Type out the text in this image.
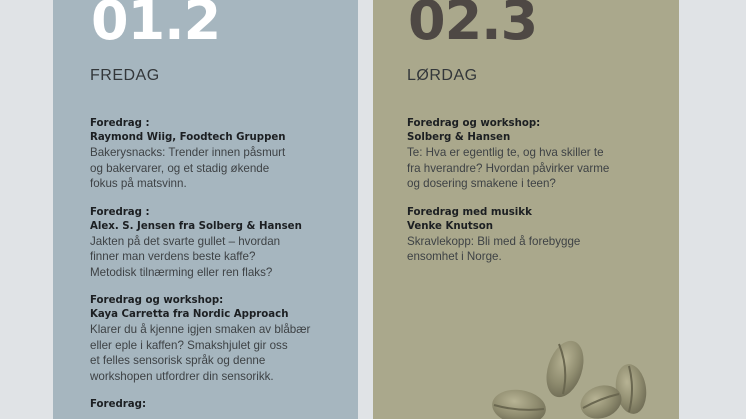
01.2
FREDAG
Foredrag :
Raymond Wiig, Foodtech Gruppen
Bakerysnacks: Trender innen påsmurt
og bakervarer, og et stadig økende
fokus på matsvinn.
Foredrag :
Alex. S. Jensen fra Solberg & Hansen
Jakten på det svarte gullet – hvordan
finner man verdens beste kaffe?
Metodisk tilnærming eller ren flaks?
Foredrag og workshop:
Kaya Carretta fra Nordic Approach
Klarer du å kjenne igjen smaken av blåbær
eller eple i kaffen? Smakshjulet gir oss
et felles sensorisk språk og denne
workshopen utfordrer din sensorikk.
Foredrag:
02.3
LØRDAG
Foredrag og workshop:
Solberg & Hansen
Te: Hva er egentlig te, og hva skiller te
fra hverandre? Hvordan påvirker varme
og dosering smakene i teen?
Foredrag med musikk
Venke Knutson
Skravlekopp: Bli med å forebygge
ensomhet i Norge.
